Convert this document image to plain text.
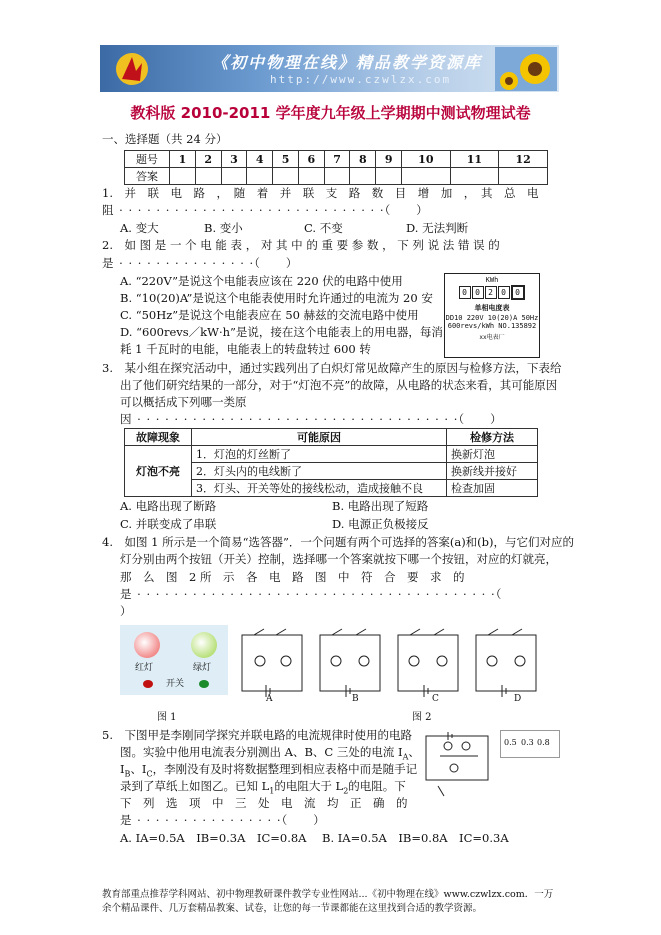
《初中物理在线》精品教学资源库
http://www.czwlzx.com
教科版 2010-2011 学年度九年级上学期期中测试物理试卷
一、选择题（共 24 分）
题号	1	2	3	4	5	6	7	8	9	10	11	12
答案												
1.　并　联　电　路　，　随　着　并　联　支　路　数　目　增　加　，　其　总　电
阻 · · · · · · · · · · · · · · · · · · · · · · · · · · · · ·（　　）
A. 变大	B. 变小	C. 不变	D. 无法判断
2.　如 图 是 一 个 电 能 表 ， 对 其 中 的 重 要 参 数 ， 下 列 说 法 错 误 的
是 · · · · · · · · · · · · · · ·（　　）
A. “220V”是说这个电能表应该在 220 伏的电路中使用
B. “10(20)A”是说这个电能表使用时允许通过的电流为 20 安
C. “50Hz”是说这个电能表应在 50 赫兹的交流电路中使用
D. “600revs／kW·h”是说，接在这个电能表上的用电器，每消
耗 1 千瓦时的电能，电能表上的转盘转过 600 转
KWh
0 0 2 0 0
单相电度表
DD10 220V 10(20)A 50Hz
600revs/kWh NO.135892
xx电表厂
3.　某小组在探究活动中，通过实践列出了白炽灯常见故障产生的原因与检修方法，下表给
出了他们研究结果的一部分，对于“灯泡不亮”的故障，从电路的状态来看，其可能原因
可以概括成下列哪一类原
因 · · · · · · · · · · · · · · · · · · · · · · · · · · · · · · · · · · ·（　　）
故障现象	可能原因	检修方法
灯泡不亮	1．灯泡的灯丝断了	换新灯泡
	2．灯头内的电线断了	换新线并接好
	3．灯头、开关等处的接线松动，造成接触不良	检查加固
A. 电路出现了断路	B. 电路出现了短路
C. 并联变成了串联	D. 电源正负极接反
4.　如图 1 所示是一个简易“选答器”．一个问题有两个可选择的答案(a)和(b)，与它们对应的
灯分别由两个按钮（开关）控制，选择哪一个答案就按下哪一个按钮，对应的灯就亮，
那　么　图　2 所　示　各　电　路　图　中　符　合　要　求　的
是 · · · · · · · · · · · · · · · · · · · · · · · · · · · · · · · · · · · · · · ·（
）
红灯	绿灯
开关
图 1
A	B	C	D
图 2
5.　下图甲是李刚同学探究并联电路的电流规律时使用的电路
图。实验中他用电流表分别测出 A、B、C 三处的电流 $I_A$、
$I_B$、$I_C$，李刚没有及时将数据整理到相应表格中而是随手记
录到了草纸上如图乙。已知 $L_1$的电阻大于 $L_2$的电阻。下
下　列　选　项　中　三　处　电　流　均　正　确　的
是 · · · · · · · · · · · · · · · ·（　　）
A. IA=0.5A　IB=0.3A　IC=0.8A B. IA=0.5A　IB=0.8A　IC=0.3A
0.5 0.3 0.8
教育部重点推荐学科网站、初中物理教研课件教学专业性网站...《初中物理在线》www.czwlzx.com．一万余个精品课件、几万套精品教案、试卷，让您的每一节课都能在这里找到合适的教学资源。
